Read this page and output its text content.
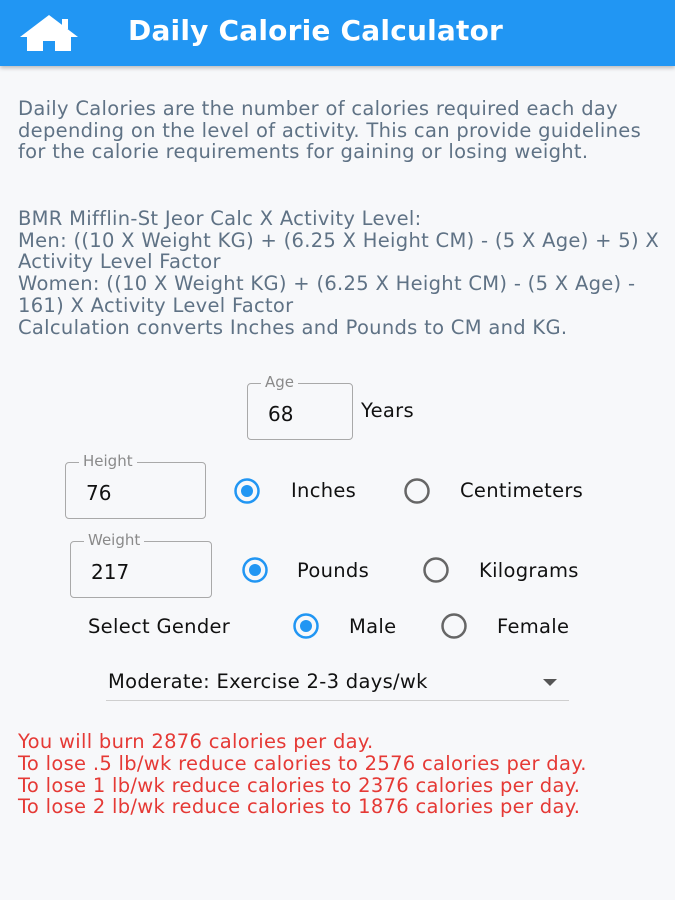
Daily Calorie Calculator
Daily Calories are the number of calories required each day depending on the level of activity. This can provide guidelines for the calorie requirements for gaining or losing weight.
BMR Mifflin-St Jeor Calc X Activity Level:
Men: ((10 X Weight KG) + (6.25 X Height CM) - (5 X Age) + 5) X Activity Level Factor
Women: ((10 X Weight KG) + (6.25 X Height CM) - (5 X Age) - 161) X Activity Level Factor
Calculation converts Inches and Pounds to CM and KG.
Age
68	Years
Height
76	Inches	Centimeters
Weight
217	Pounds	Kilograms
Select Gender	Male	Female
Moderate: Exercise 2-3 days/wk
You will burn 2876 calories per day.
To lose .5 lb/wk reduce calories to 2576 calories per day.
To lose 1 lb/wk reduce calories to 2376 calories per day.
To lose 2 lb/wk reduce calories to 1876 calories per day.
